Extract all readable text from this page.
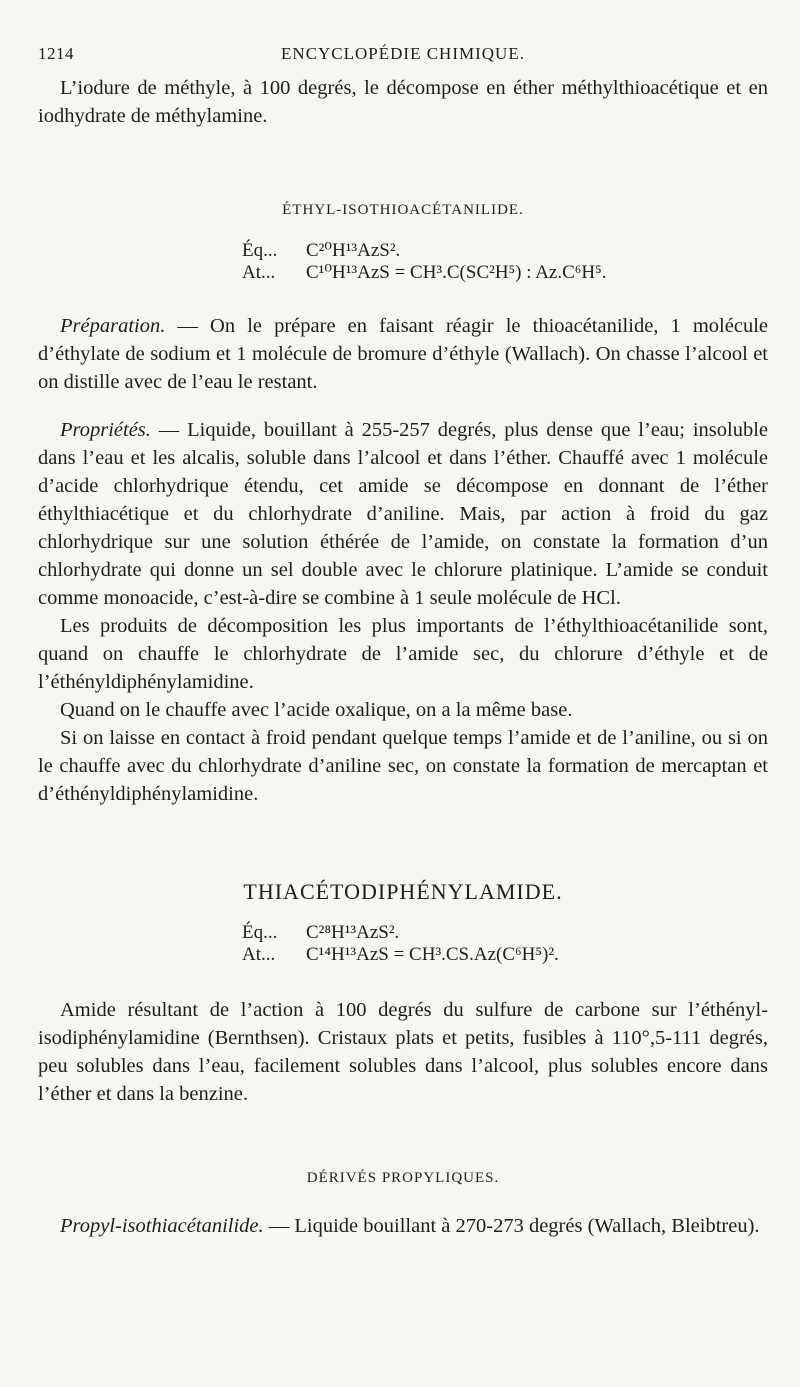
1214	ENCYCLOPÉDIE CHIMIQUE.

L’iodure de méthyle, à 100 degrés, le décompose en éther méthylthioacétique et en iodhydrate de méthylamine.

ÉTHYL-ISOTHIOACÉTANILIDE.

Éq... C²⁰H¹³AzS².
At... C¹⁰H¹³AzS = CH³.C(SC²H⁵) : Az.C⁶H⁵.

Préparation. — On le prépare en faisant réagir le thioacétanilide, 1 molécule d’éthylate de sodium et 1 molécule de bromure d’éthyle (Wallach). On chasse l’alcool et on distille avec de l’eau le restant.

Propriétés. — Liquide, bouillant à 255-257 degrés, plus dense que l’eau; insoluble dans l’eau et les alcalis, soluble dans l’alcool et dans l’éther. Chauffé avec 1 molécule d’acide chlorhydrique étendu, cet amide se décompose en donnant de l’éther éthylthiacétique et du chlorhydrate d’aniline. Mais, par action à froid du gaz chlorhydrique sur une solution éthérée de l’amide, on constate la formation d’un chlorhydrate qui donne un sel double avec le chlorure platinique. L’amide se conduit comme monoacide, c’est-à-dire se combine à 1 seule molécule de HCl.

Les produits de décomposition les plus importants de l’éthylthioacétanilide sont, quand on chauffe le chlorhydrate de l’amide sec, du chlorure d’éthyle et de l’éthényldiphénylamidine.

Quand on le chauffe avec l’acide oxalique, on a la même base.

Si on laisse en contact à froid pendant quelque temps l’amide et de l’aniline, ou si on le chauffe avec du chlorhydrate d’aniline sec, on constate la formation de mercaptan et d’éthényldiphénylamidine.

THIACÉTODIPHÉNYLAMIDE.

Éq... C²⁸H¹³AzS².
At... C¹⁴H¹³AzS = CH³.CS.Az(C⁶H⁵)².

Amide résultant de l’action à 100 degrés du sulfure de carbone sur l’éthényl-isodiphénylamidine (Bernthsen). Cristaux plats et petits, fusibles à 110°,5-111 degrés, peu solubles dans l’eau, facilement solubles dans l’alcool, plus solubles encore dans l’éther et dans la benzine.

DÉRIVÉS PROPYLIQUES.

Propyl-isothiacétanilide. — Liquide bouillant à 270-273 degrés (Wallach, Bleibtreu).
